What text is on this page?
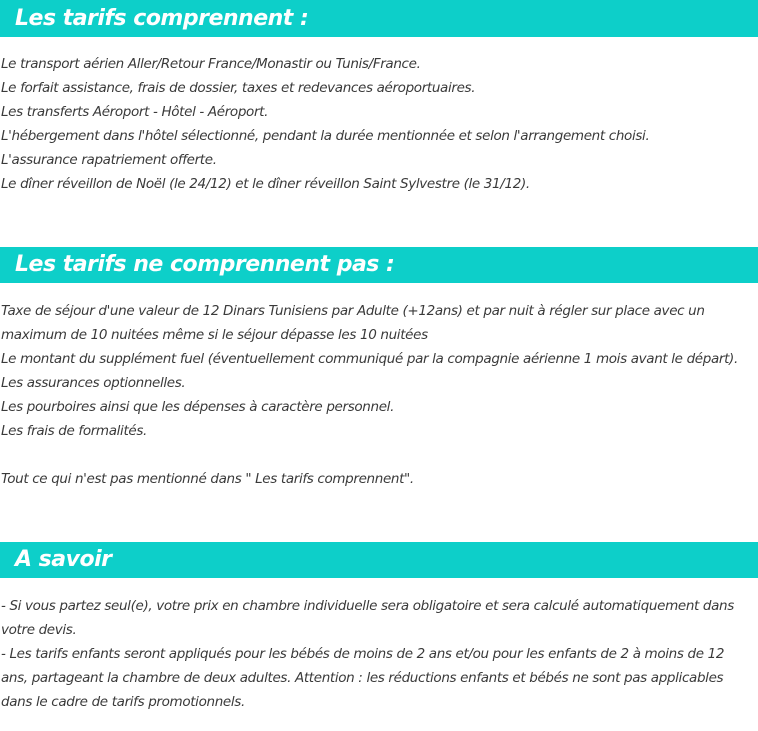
Les tarifs comprennent :
Le transport aérien Aller/Retour France/Monastir ou Tunis/France.
Le forfait assistance, frais de dossier, taxes et redevances aéroportuaires.
Les transferts Aéroport - Hôtel - Aéroport.
L'hébergement dans l'hôtel sélectionné, pendant la durée mentionnée et selon l'arrangement choisi.
L'assurance rapatriement offerte.
Le dîner réveillon de Noël (le 24/12) et le dîner réveillon Saint Sylvestre (le 31/12).
Les tarifs ne comprennent pas :
Taxe de séjour d'une valeur de 12 Dinars Tunisiens par Adulte (+12ans) et par nuit à régler sur place avec un maximum de 10 nuitées même si le séjour dépasse les 10 nuitées
Le montant du supplément fuel (éventuellement communiqué par la compagnie aérienne 1 mois avant le départ).
Les assurances optionnelles.
Les pourboires ainsi que les dépenses à caractère personnel.
Les frais de formalités.
Tout ce qui n'est pas mentionné dans " Les tarifs comprennent".
A savoir
- Si vous partez seul(e), votre prix en chambre individuelle sera obligatoire et sera calculé automatiquement dans votre devis.
- Les tarifs enfants seront appliqués pour les bébés de moins de 2 ans et/ou pour les enfants de 2 à moins de 12 ans, partageant la chambre de deux adultes. Attention : les réductions enfants et bébés ne sont pas applicables dans le cadre de tarifs promotionnels.
